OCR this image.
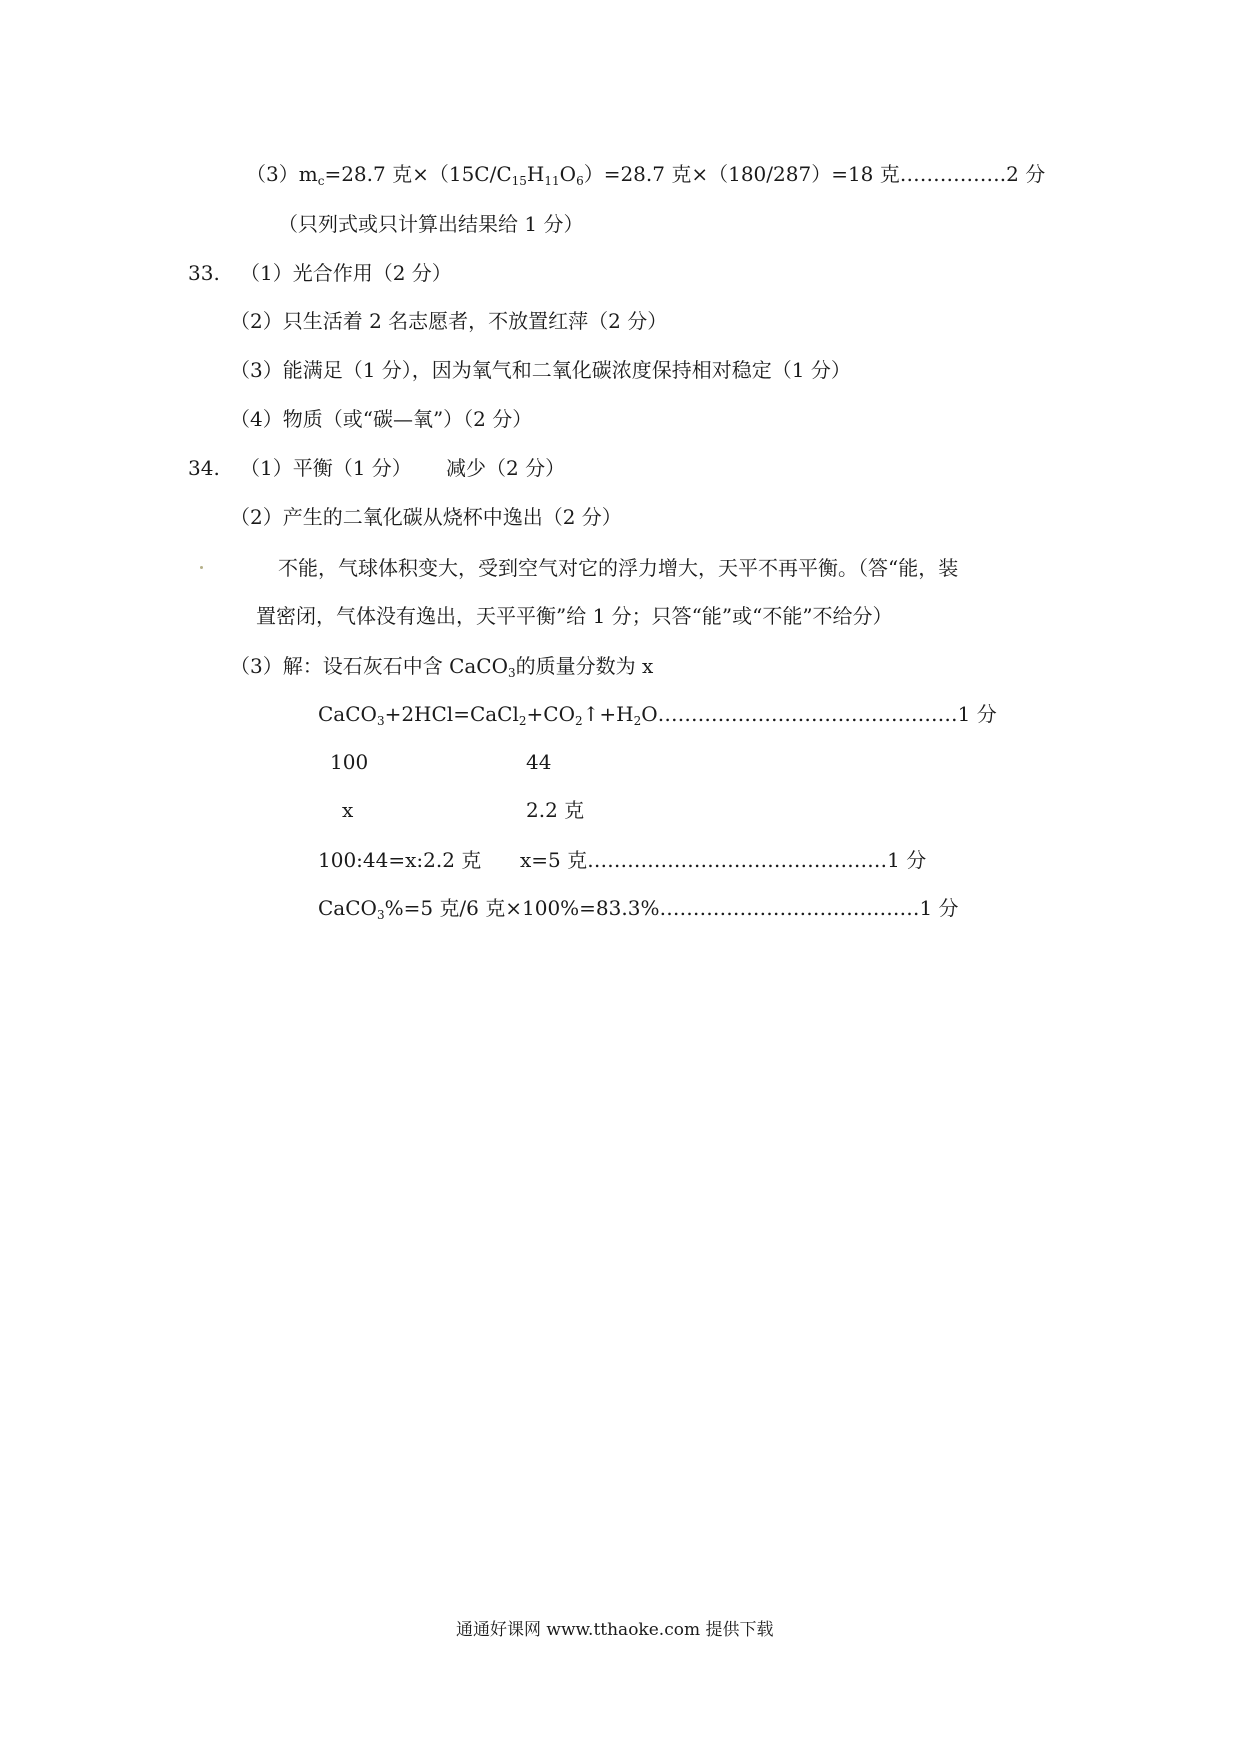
$(3)m_c=28.7$ 克$\times(15C/C_{15}H_{11}O_6)=28.7$ 克×（180/287）=18 克…………….2 分
（只列式或只计算出结果给 1 分）
33. （1）光合作用（2 分）
（2）只生活着 2 名志愿者，不放置红萍（2 分）
（3）能满足（1 分），因为氧气和二氧化碳浓度保持相对稳定（1 分）
（4）物质（或“碳—氧”）（2 分）
34. （1）平衡（1 分） 减少（2 分）
（2）产生的二氧化碳从烧杯中逸出（2 分）
不能，气球体积变大，受到空气对它的浮力增大，天平不再平衡。（答“能，装
置密闭，气体没有逸出，天平平衡”给 1 分；只答“能”或“不能”不给分）
（3）解：设石灰石中含 CaCO$_3$的质量分数为 x
$CaCO_3+2HCl=CaCl_2+CO_2↑+H_2O\dots\dots\dots\dots\dots\dots\dots\dots\dots\dots\dots\dots\dots\dots\dots 1$ 分
100	44
x	2.2 克
100:44=x:2.2 克 x=5 克………………………………………1 分
CaCO$_3$%=5 克/6 克×100%=83.3%…………………………………1 分
通通好课网 www.tthaoke.com 提供下载
